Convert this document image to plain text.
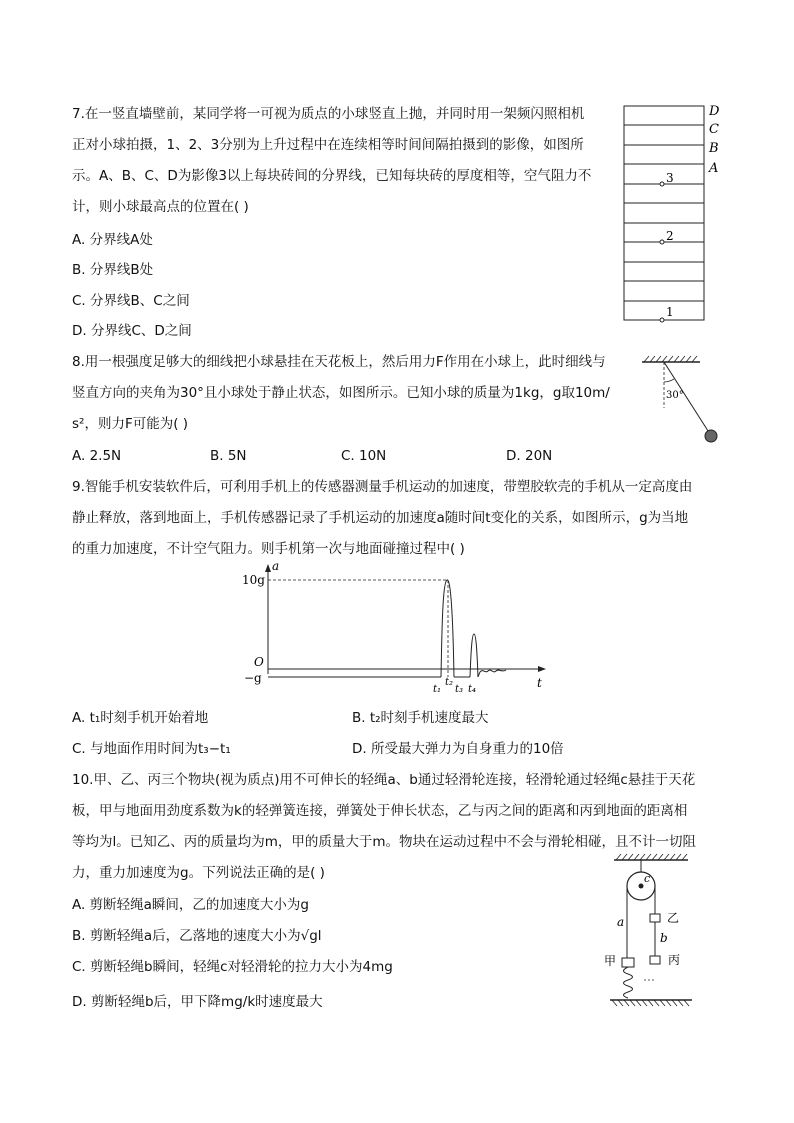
7.在一竖直墙壁前，某同学将一可视为质点的小球竖直上抛，并同时用一架频闪照相机
正对小球拍摄，1、2、3分别为上升过程中在连续相等时间间隔拍摄到的影像，如图所
示。A、B、C、D为影像3以上每块砖间的分界线，已知每块砖的厚度相等，空气阻力不
计，则小球最高点的位置在( )
A. 分界线A处
B. 分界线B处
C. 分界线B、C之间
D. 分界线C、D之间
D
C
B
A
3
2
1
8.用一根强度足够大的细线把小球悬挂在天花板上，然后用力F作用在小球上，此时细线与
竖直方向的夹角为30°且小球处于静止状态，如图所示。已知小球的质量为1kg，g取10m/
s²，则力F可能为( )
A. 2.5N	B. 5N	C. 10N	D. 20N
30°
9.智能手机安装软件后，可利用手机上的传感器测量手机运动的加速度，带塑胶软壳的手机从一定高度由
静止释放，落到地面上，手机传感器记录了手机运动的加速度a随时间t变化的关系，如图所示，g为当地
的重力加速度，不计空气阻力。则手机第一次与地面碰撞过程中( )
a
10g
O
−g	t
t₁
t₂
t₃ t₄
A. t₁时刻手机开始着地	B. t₂时刻手机速度最大
C. 与地面作用时间为t₃−t₁	D. 所受最大弹力为自身重力的10倍
10.甲、乙、丙三个物块(视为质点)用不可伸长的轻绳a、b通过轻滑轮连接，轻滑轮通过轻绳c悬挂于天花
板，甲与地面用劲度系数为k的轻弹簧连接，弹簧处于伸长状态，乙与丙之间的距离和丙到地面的距离相
等均为l。已知乙、丙的质量均为m，甲的质量大于m。物块在运动过程中不会与滑轮相碰，且不计一切阻
力，重力加速度为g。下列说法正确的是( )
A. 剪断轻绳a瞬间，乙的加速度大小为g
B. 剪断轻绳a后，乙落地的速度大小为√gl
C. 剪断轻绳b瞬间，轻绳c对轻滑轮的拉力大小为4mg
D. 剪断轻绳b后，甲下降mg/k时速度最大
c
a	乙
b
丙
甲
